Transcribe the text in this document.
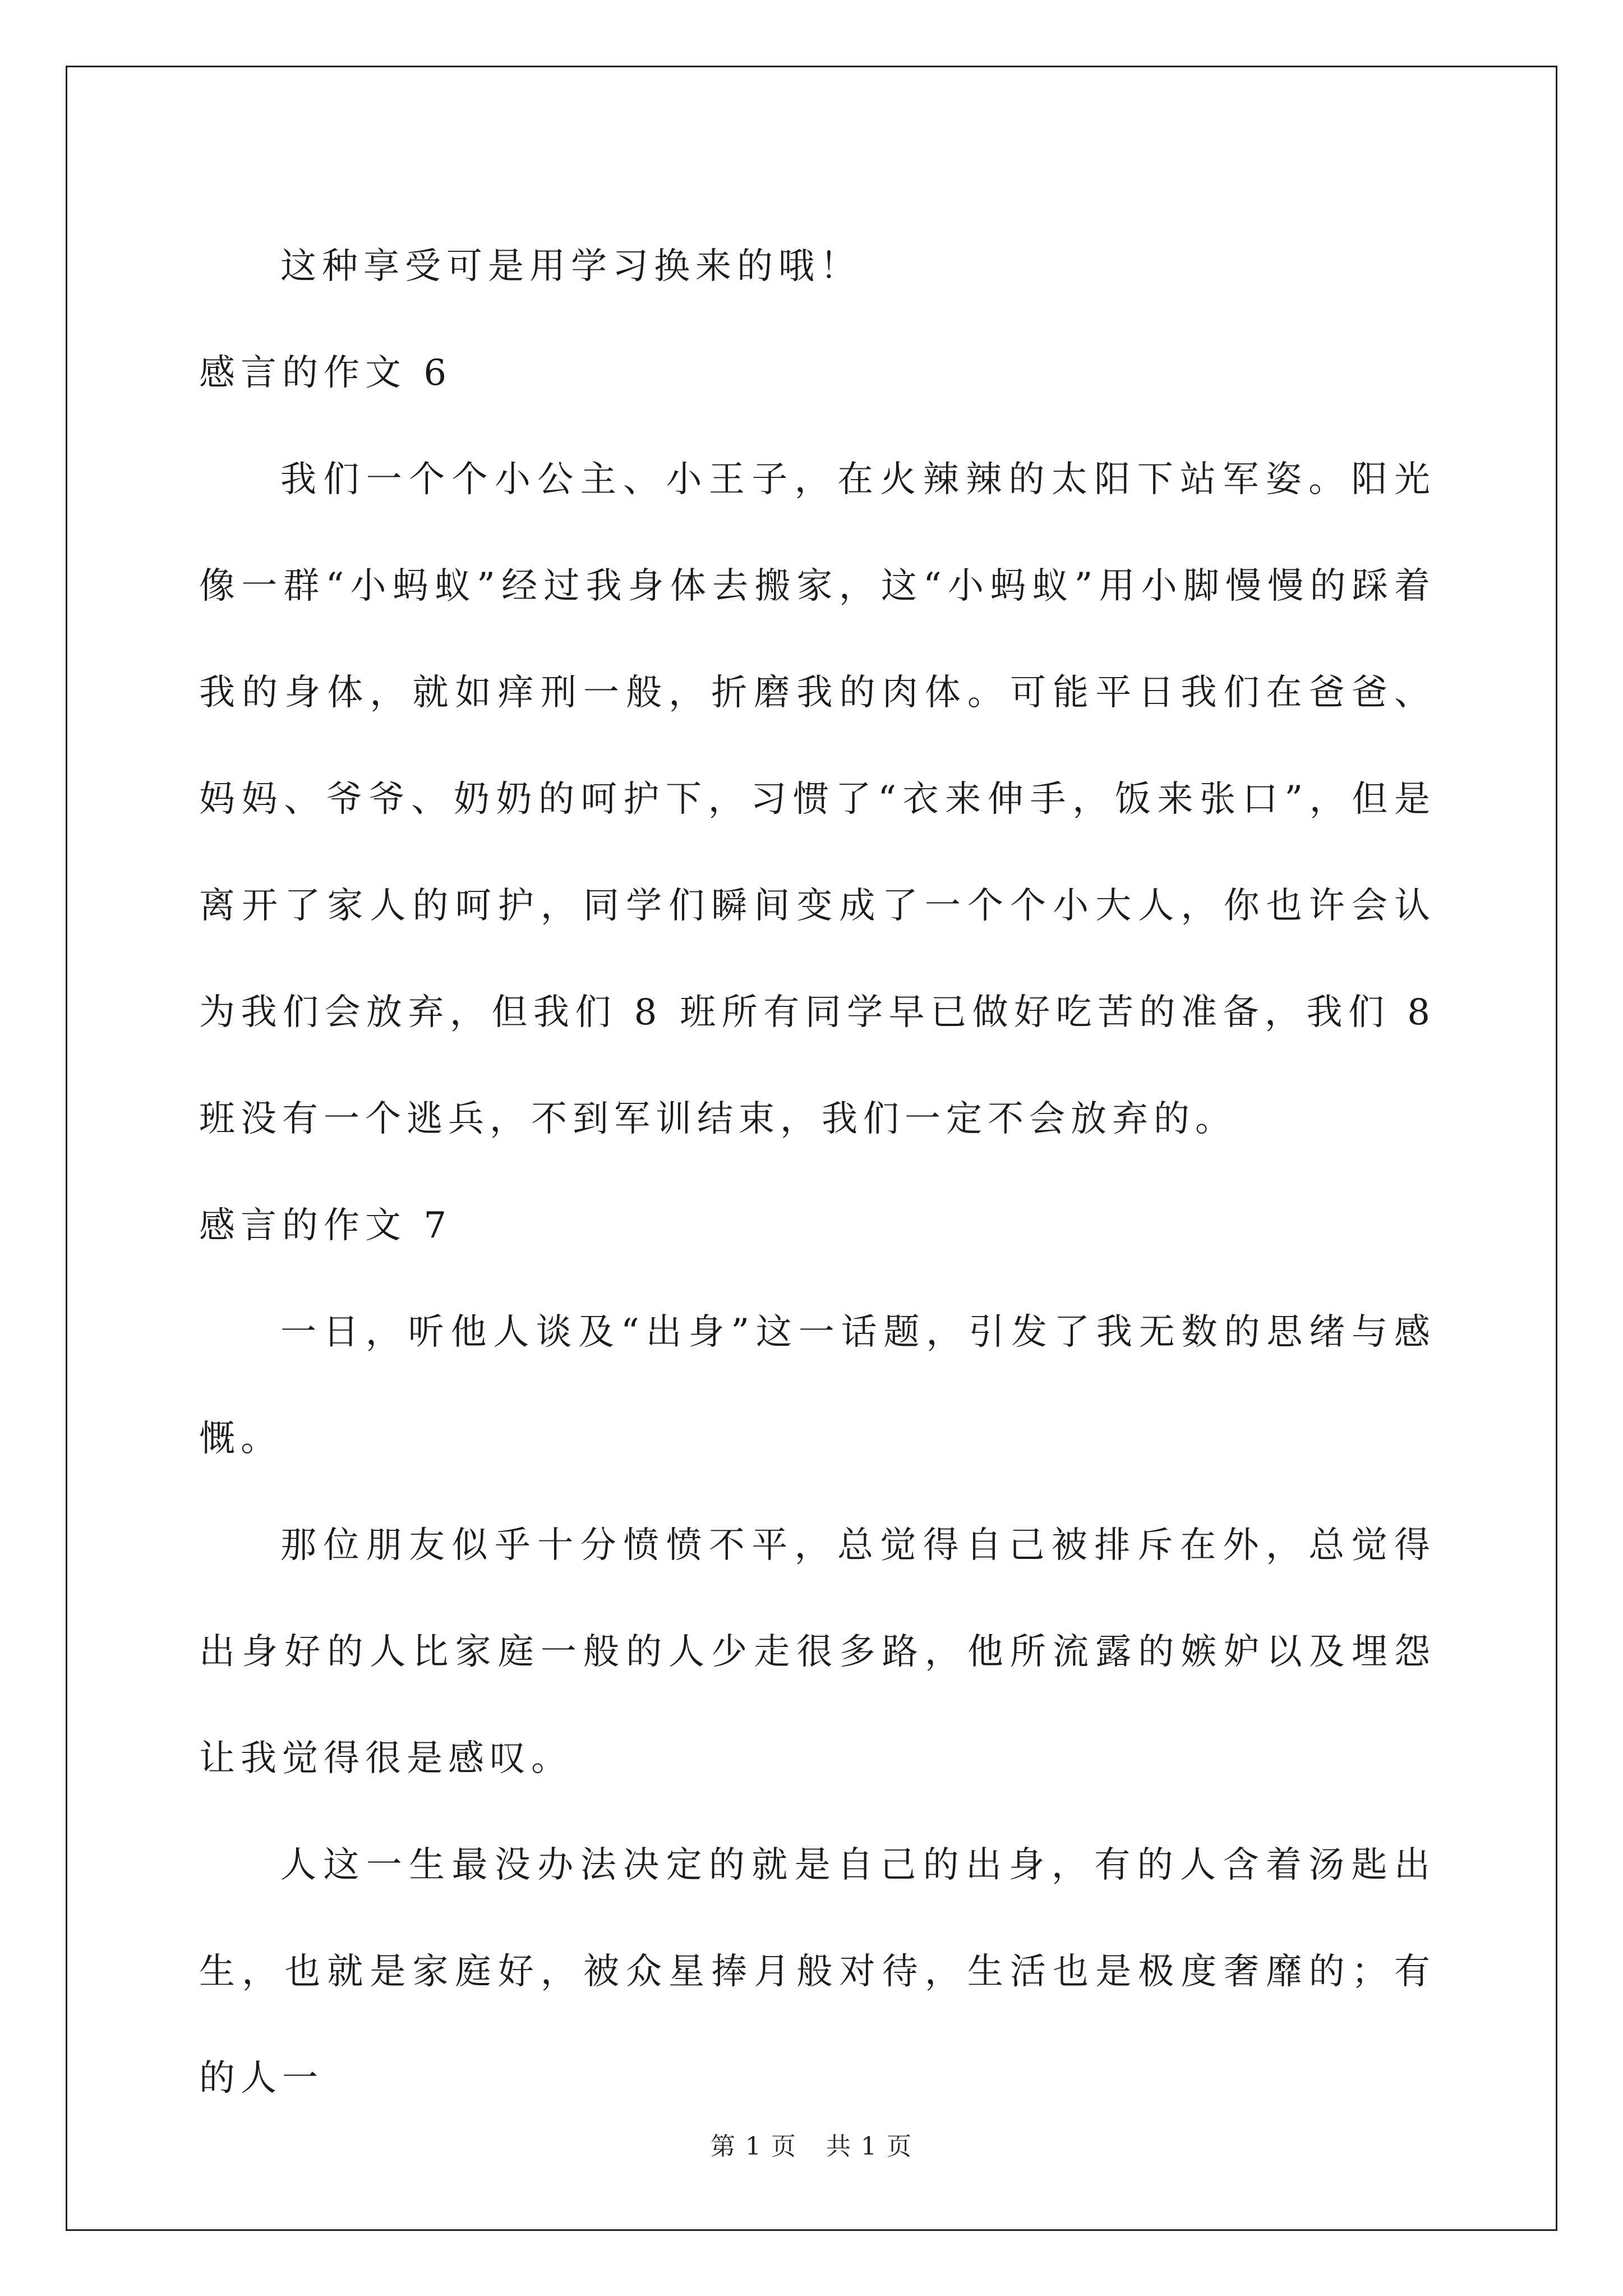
这种享受可是用学习换来的哦！

感言的作文 6

我们一个个小公主、小王子，在火辣辣的太阳下站军姿。阳光像一群“小蚂蚁”经过我身体去搬家，这“小蚂蚁”用小脚慢慢的踩着我的身体，就如痒刑一般，折磨我的肉体。可能平日我们在爸爸、妈妈、爷爷、奶奶的呵护下，习惯了“衣来伸手，饭来张口”，但是离开了家人的呵护，同学们瞬间变成了一个个小大人，你也许会认为我们会放弃，但我们 8 班所有同学早已做好吃苦的准备，我们 8 班没有一个逃兵，不到军训结束，我们一定不会放弃的。

感言的作文 7

一日，听他人谈及“出身”这一话题，引发了我无数的思绪与感慨。

那位朋友似乎十分愤愤不平，总觉得自己被排斥在外，总觉得出身好的人比家庭一般的人少走很多路，他所流露的嫉妒以及埋怨让我觉得很是感叹。

人这一生最没办法决定的就是自己的出身，有的人含着汤匙出生，也就是家庭好，被众星捧月般对待，生活也是极度奢靡的；有的人一

第 1 页 共 1 页
